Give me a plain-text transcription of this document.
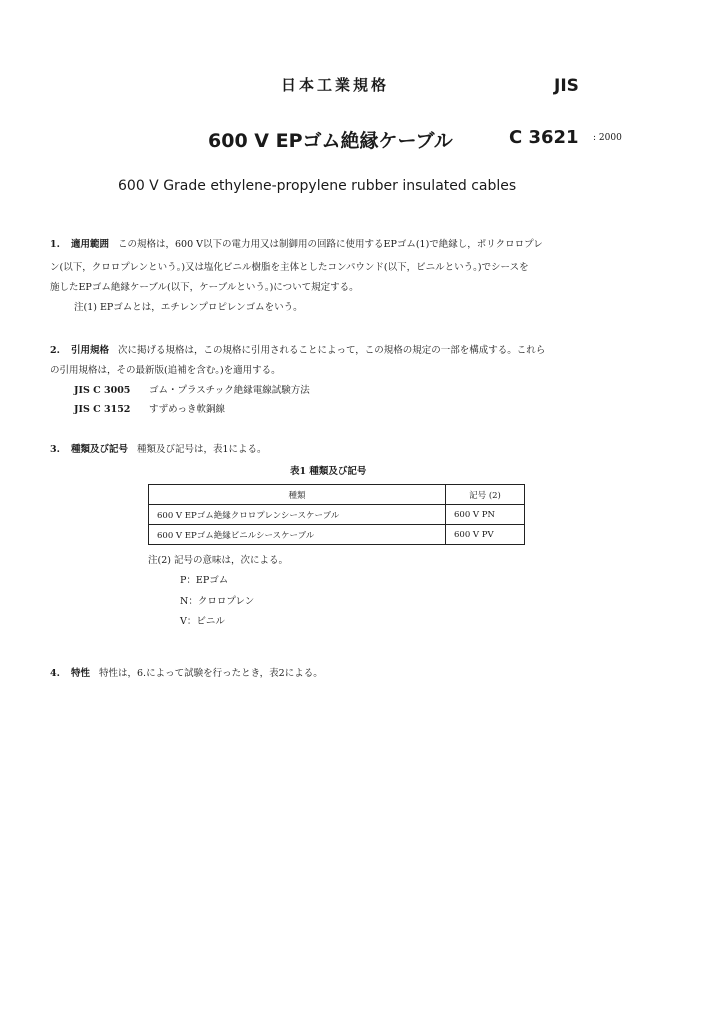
日本工業規格	JIS
600 V EPゴム絶縁ケーブル	C 3621 : 2000
600 V Grade ethylene-propylene rubber insulated cables
1. 適用範囲 この規格は，600 V以下の電力用又は制御用の回路に使用するEPゴム(1)で絶縁し，ポリクロロプレ
ン(以下，クロロプレンという。)又は塩化ビニル樹脂を主体としたコンパウンド(以下，ビニルという。)でシースを
施したEPゴム絶縁ケーブル(以下，ケーブルという。)について規定する。
注(1) EPゴムとは，エチレンプロピレンゴムをいう。
2. 引用規格 次に掲げる規格は，この規格に引用されることによって，この規格の規定の一部を構成する。これら
の引用規格は，その最新版(追補を含む。)を適用する。
JIS C 3005 ゴム・プラスチック絶縁電線試験方法
JIS C 3152 すずめっき軟銅線
3. 種類及び記号 種類及び記号は，表1による。
表1 種類及び記号
種類	記号 (2)
600 V EPゴム絶縁クロロプレンシースケーブル	600 V PN
600 V EPゴム絶縁ビニルシースケーブル	600 V PV
注(2) 記号の意味は，次による。
P：EPゴム
N：クロロプレン
V：ビニル
4. 特性 特性は，6.によって試験を行ったとき，表2による。
